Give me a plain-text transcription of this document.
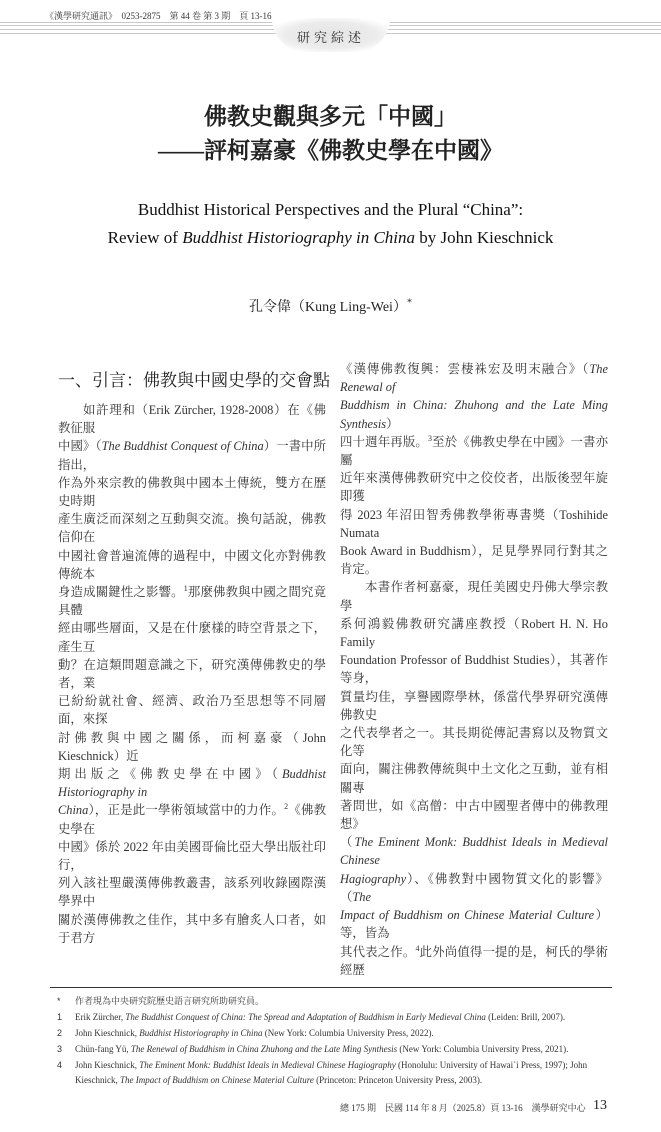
《漢學研究通訊》　0253-2875　第 44 卷 第 3 期　頁 13-16
研究綜述
佛教史觀與多元「中國」
——評柯嘉豪《佛教史學在中國》
Buddhist Historical Perspectives and the Plural “China”:
Review of Buddhist Historiography in China by John Kieschnick
孔令偉（Kung Ling-Wei）*
一、引言：佛教與中國史學的交會點
如許理和（Erik Zürcher, 1928-2008）在《佛教征服
中國》（The Buddhist Conquest of China）一書中所指出，
作為外來宗教的佛教與中國本土傳統，雙方在歷史時期
產生廣泛而深刻之互動與交流。換句話說，佛教信仰在
中國社會普遍流傳的過程中，中國文化亦對佛教傳統本
身造成關鍵性之影響。$^1$那麼佛教與中國之間究竟具體
經由哪些層面，又是在什麼樣的時空背景之下，產生互
動？在這類問題意識之下，研究漢傳佛教史的學者，業
已紛紛就社會、經濟、政治乃至思想等不同層面，來探
討佛教與中國之關係，而柯嘉豪（John Kieschnick）近
期出版之《佛教史學在中國》（Buddhist Historiography in
China），正是此一學術領域當中的力作。$^2$《佛教史學在
中國》係於 2022 年由美國哥倫比亞大學出版社印行，
列入該社聖嚴漢傳佛教叢書，該系列收錄國際漢學界中
關於漢傳佛教之佳作，其中多有膾炙人口者，如于君方
《漢傳佛教復興：雲棲袾宏及明末融合》（The Renewal of
Buddhism in China: Zhuhong and the Late Ming Synthesis）
四十週年再版。$^3$至於《佛教史學在中國》一書亦屬
近年來漢傳佛教研究中之佼佼者，出版後翌年旋即獲
得 2023 年沼田智秀佛教學術專書獎（Toshihide Numata
Book Award in Buddhism），足見學界同行對其之肯定。
本書作者柯嘉豪，現任美國史丹佛大學宗教學
系何鴻毅佛教研究講座教授（Robert H. N. Ho Family
Foundation Professor of Buddhist Studies），其著作等身，
質量均佳，享譽國際學林，係當代學界研究漢傳佛教史
之代表學者之一。其長期從傳記書寫以及物質文化等
面向，關注佛教傳統與中土文化之互動，並有相關專
著問世，如《高僧：中古中國聖者傳中的佛教理想》
（The Eminent Monk: Buddhist Ideals in Medieval Chinese
Hagiography）、《佛教對中國物質文化的影響》（The
Impact of Buddhism on Chinese Material Culture）等，皆為
其代表之作。$^4$此外尚值得一提的是，柯氏的學術經歷
*	作者現為中央研究院歷史語言研究所助研究員。
1	Erik Zürcher, The Buddhist Conquest of China: The Spread and Adaptation of Buddhism in Early Medieval China (Leiden: Brill, 2007).
2	John Kieschnick, Buddhist Historiography in China (New York: Columbia University Press, 2022).
3	Chün-fang Yü, The Renewal of Buddhism in China Zhuhong and the Late Ming Synthesis (New York: Columbia University Press, 2021).
4	John Kieschnick, The Eminent Monk: Buddhist Ideals in Medieval Chinese Hagiography (Honolulu: University of Hawai`i Press, 1997); John Kieschnick, The Impact of Buddhism on Chinese Material Culture (Princeton: Princeton University Press, 2003).
總 175 期　民國 114 年 8 月（2025.8）頁 13-16　漢學研究中心 13
